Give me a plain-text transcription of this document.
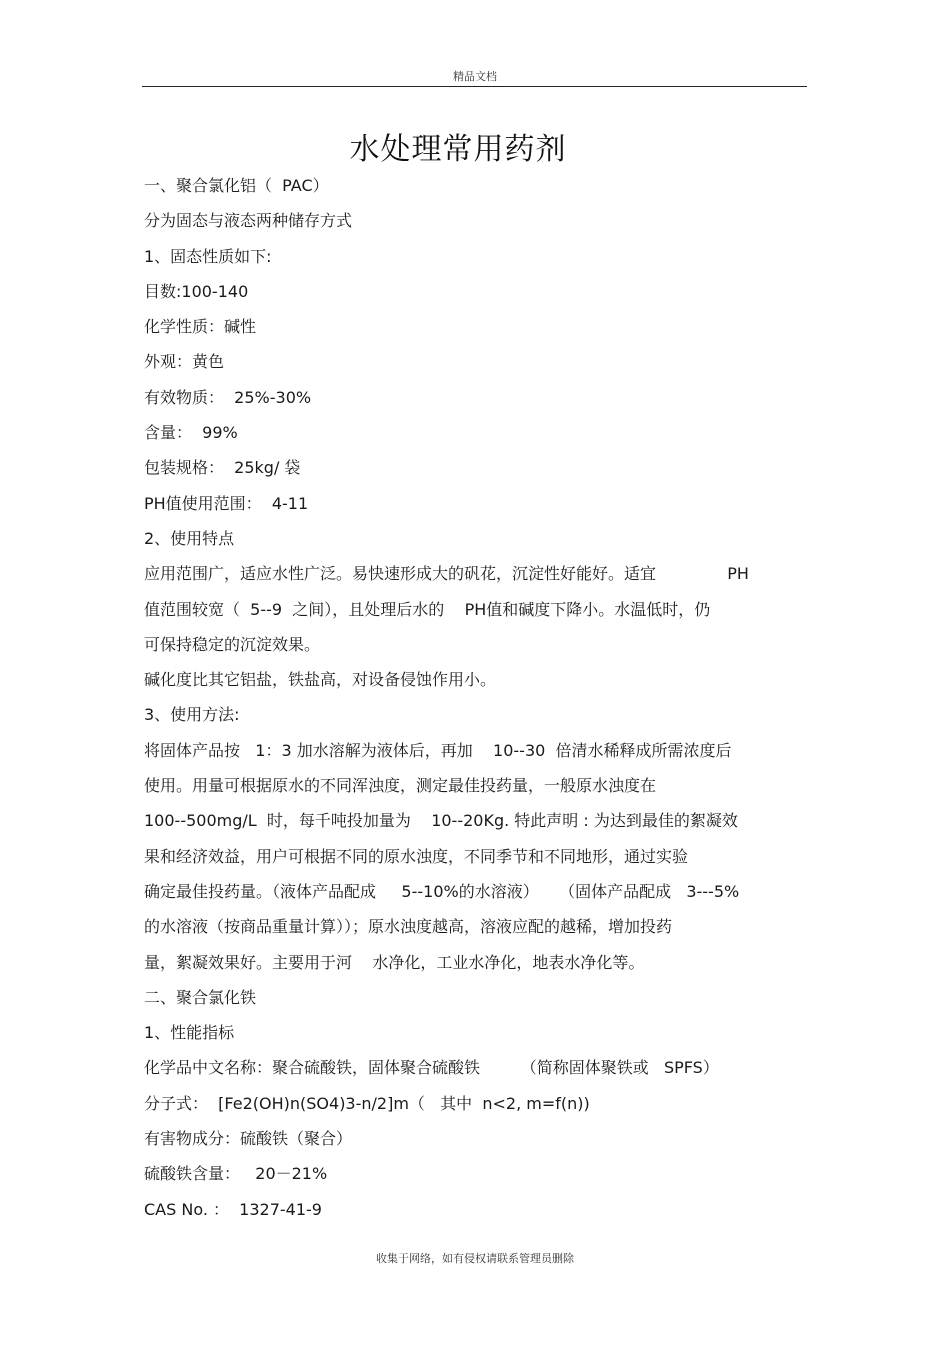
精品文档
水处理常用药剂
一、聚合氯化铝（  PAC）
分为固态与液态两种储存方式
1、固态性质如下:
目数:100-140
化学性质：碱性
外观：黄色
有效物质：  25%-30%
含量：  99%
包装规格：  25kg/ 袋
PH值使用范围：  4-11
2、使用特点
应用范围广，适应水性广泛。易快速形成大的矾花，沉淀性好能好。适宜              PH
值范围较宽（  5--9  之间），且处理后水的    PH值和碱度下降小。水温低时，仍
可保持稳定的沉淀效果。
碱化度比其它铝盐，铁盐高，对设备侵蚀作用小。
3、使用方法:
将固体产品按   1：3 加水溶解为液体后，再加    10--30  倍清水稀释成所需浓度后
使用。用量可根据原水的不同浑浊度，测定最佳投药量，一般原水浊度在
100--500mg/L  时，每千吨投加量为    10--20Kg. 特此声明 : 为达到最佳的絮凝效
果和经济效益，用户可根据不同的原水浊度，不同季节和不同地形，通过实验
确定最佳投药量。（液体产品配成     5--10%的水溶液）    （固体产品配成   3---5%
的水溶液（按商品重量计算））；原水浊度越高，溶液应配的越稀，增加投药
量，絮凝效果好。主要用于河    水净化，工业水净化，地表水净化等。
二、聚合氯化铁
1、性能指标
化学品中文名称：聚合硫酸铁，固体聚合硫酸铁        （简称固体聚铁或   SPFS）
分子式：  [Fe2(OH)n(SO4)3-n/2]m（   其中  n<2, m=f(n))
有害物成分：硫酸铁（聚合）
硫酸铁含量：   20－21%
CAS No. ：  1327-41-9
收集于网络，如有侵权请联系管理员删除
